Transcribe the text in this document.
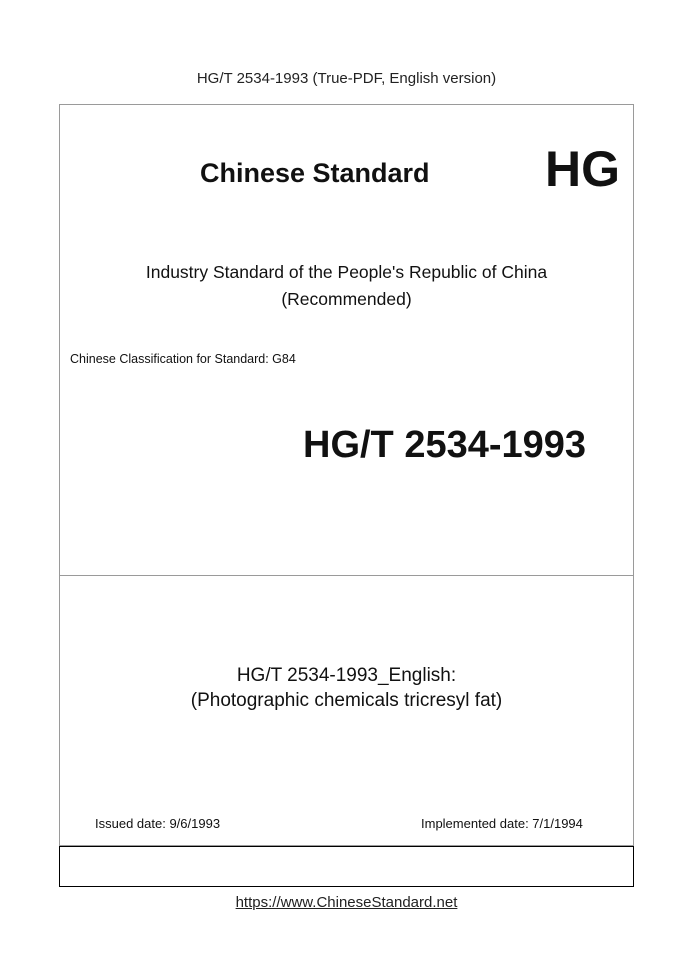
HG/T 2534-1993 (True-PDF, English version)
Chinese Standard HG
Industry Standard of the People's Republic of China
(Recommended)
Chinese Classification for Standard: G84
HG/T 2534-1993
HG/T 2534-1993_English:
(Photographic chemicals tricresyl fat)
Issued date: 9/6/1993	Implemented date: 7/1/1994
https://www.ChineseStandard.net
